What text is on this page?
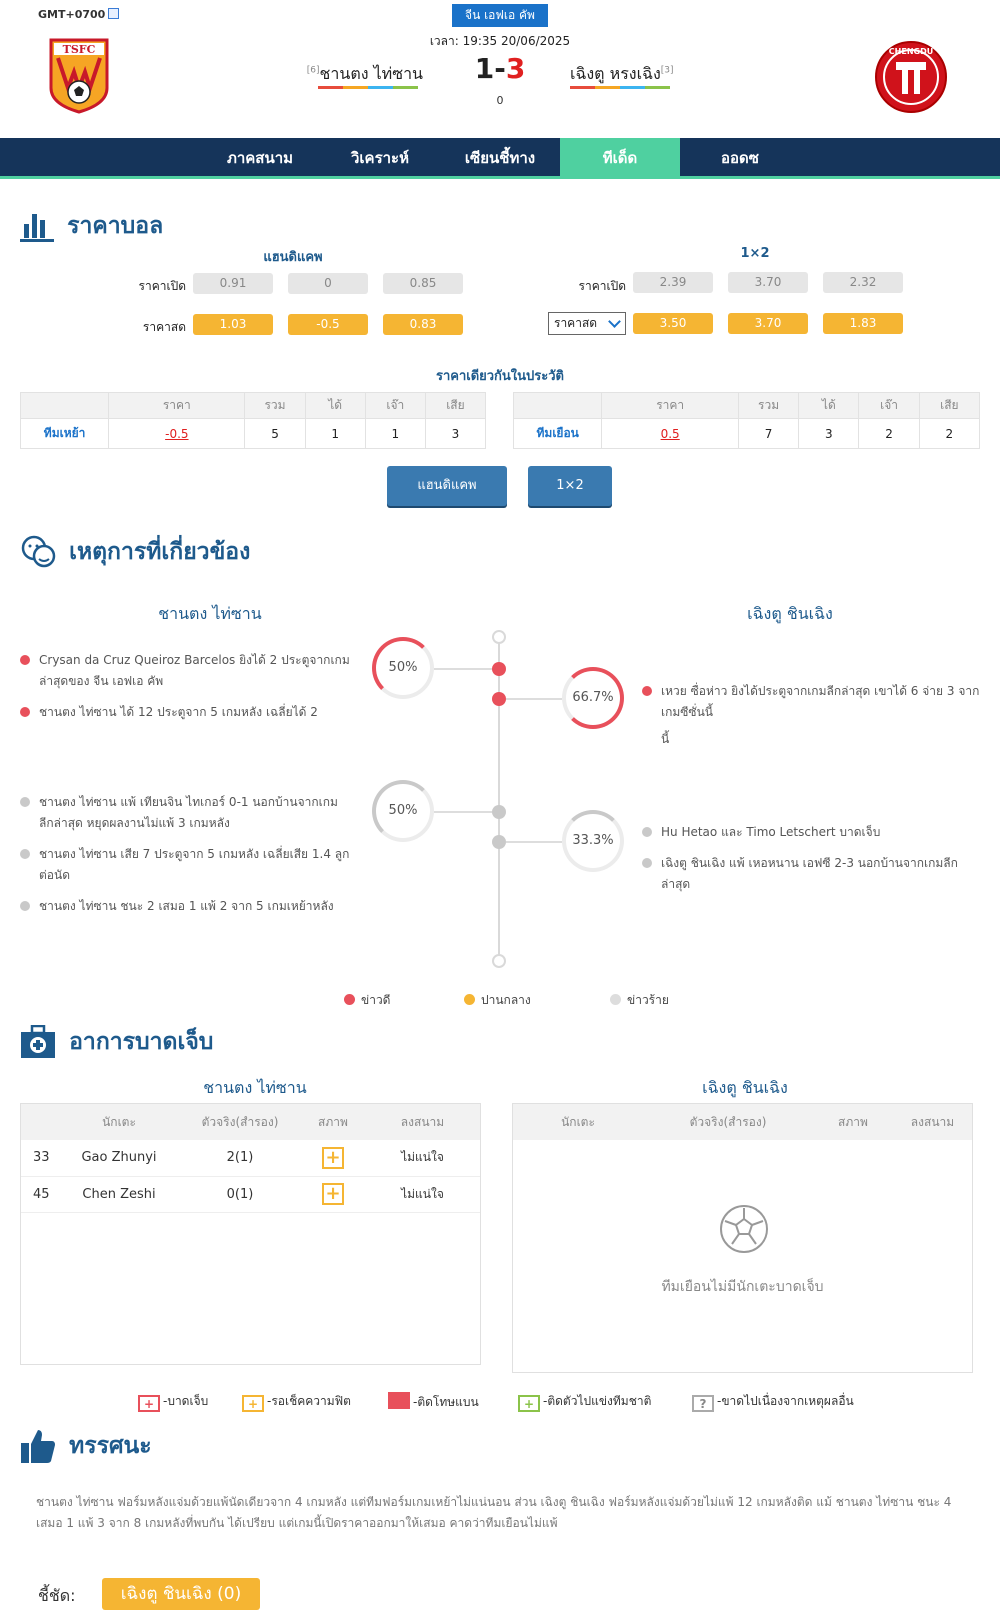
GMT+0700	จีน เอฟเอ คัพ
เวลา: 19:35 20/06/2025
TSFC
[6]ชานตง ไท่ซาน	1-3
0
เฉิงตู หรงเฉิง[3]
CHENGDU
ภาคสนาม	วิเคราะห์	เซียนชี้ทาง	ทีเด็ด	ออดซ
ราคาบอล
แฮนดิแคพ
ราคาเปิด	0.91	0	0.85
ราคาสด	1.03	-0.5	0.83
1×2
ราคาเปิด	2.39	3.70	2.32
ราคาสด	3.50	3.70	1.83
ราคาเดียวกันในประวัติ
	ราคา	รวม	ได้	เจ๊า	เสีย
ทีมเหย้า	-0.5	5	1	1	3
	ราคา	รวม	ได้	เจ๊า	เสีย
ทีมเยือน	0.5	7	3	2	2
แฮนดิแคพ	1×2
เหตุการที่เกี่ยวข้อง
ชานตง ไท่ซาน	เฉิงตู ชินเฉิง
Crysan da Cruz Queiroz Barcelos ยิงได้ 2 ประตูจากเกมล่าสุดของ จีน เอฟเอ คัพ
ชานตง ไท่ซาน ได้ 12 ประตูจาก 5 เกมหลัง เฉลี่ยได้ 2
ชานตง ไท่ซาน แพ้ เทียนจิน ไทเกอร์ 0-1 นอกบ้านจากเกมลีกล่าสุด หยุดผลงานไม่แพ้ 3 เกมหลัง
ชานตง ไท่ซาน เสีย 7 ประตูจาก 5 เกมหลัง เฉลี่ยเสีย 1.4 ลูกต่อนัด
ชานตง ไท่ซาน ชนะ 2 เสมอ 1 แพ้ 2 จาก 5 เกมเหย้าหลัง
เหวย ซื่อห่าว ยิงได้ประตูจากเกมลีกล่าสุด เขาได้ 6 จ่าย 3 จากเกมซีซั่นนี้
นี้
Hu Hetao และ Timo Letschert บาดเจ็บ
เฉิงตู ชินเฉิง แพ้ เหอหนาน เอฟซี 2-3 นอกบ้านจากเกมลีกล่าสุด
50%
66.7%
50%
33.3%
ข่าวดี	ปานกลาง	ข่าวร้าย
อาการบาดเจ็บ
ชานตง ไท่ซาน	เฉิงตู ชินเฉิง
	นักเตะ	ตัวจริง(สำรอง)	สภาพ	ลงสนาม
33	Gao Zhunyi	2(1)	+	ไม่แน่ใจ
45	Chen Zeshi	0(1)	+	ไม่แน่ใจ
นักเตะ	ตัวจริง(สำรอง)	สภาพ	ลงสนาม
ทีมเยือนไม่มีนักเตะบาดเจ็บ
+ -บาดเจ็บ	+ -รอเช็คความฟิต	-ติดโทษแบน	+ -ติดตัวไปแข่งทีมชาติ	? -ขาดไปเนื่องจากเหตุผลอื่น
ทรรศนะ
ชานตง ไท่ซาน ฟอร์มหลังแจ่มด้วยแพ้นัดเดียวจาก 4 เกมหลัง แต่ทีมฟอร์มเกมเหย้าไม่แน่นอน ส่วน เฉิงตู ชินเฉิง ฟอร์มหลังแจ่มด้วยไม่แพ้ 12 เกมหลังติด แม้ ชานตง ไท่ซาน ชนะ 4 เสมอ 1 แพ้ 3 จาก 8 เกมหลังที่พบกัน ได้เปรียบ แต่เกมนี้เปิดราคาออกมาให้เสมอ คาดว่าทีมเยือนไม่แพ้
ชี้ชัด:	เฉิงตู ชินเฉิง (0)
